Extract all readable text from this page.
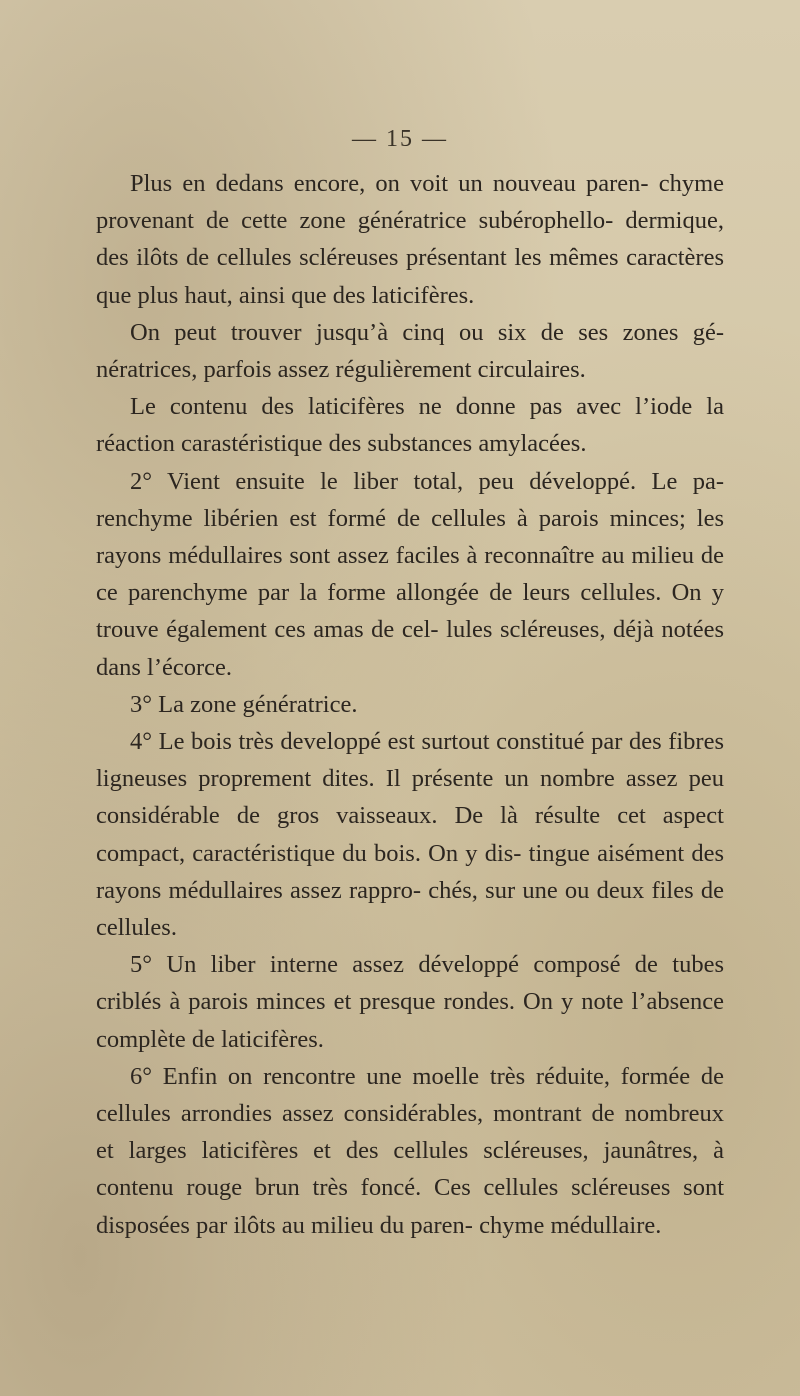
— 15 —

Plus en dedans encore, on voit un nouveau paren- chyme provenant de cette zone génératrice subérophello- dermique, des ilôts de cellules scléreuses présentant les mêmes caractères que plus haut, ainsi que des laticifères.

On peut trouver jusqu’à cinq ou six de ses zones gé- nératrices, parfois assez régulièrement circulaires.

Le contenu des laticifères ne donne pas avec l’iode la réaction carastéristique des substances amylacées.

2° Vient ensuite le liber total, peu développé. Le pa- renchyme libérien est formé de cellules à parois minces; les rayons médullaires sont assez faciles à reconnaître au milieu de ce parenchyme par la forme allongée de leurs cellules. On y trouve également ces amas de cel- lules scléreuses, déjà notées dans l’écorce.

3° La zone génératrice.

4° Le bois très developpé est surtout constitué par des fibres ligneuses proprement dites. Il présente un nombre assez peu considérable de gros vaisseaux. De là résulte cet aspect compact, caractéristique du bois. On y dis- tingue aisément des rayons médullaires assez rappro- chés, sur une ou deux files de cellules.

5° Un liber interne assez développé composé de tubes criblés à parois minces et presque rondes. On y note l’absence complète de laticifères.

6° Enfin on rencontre une moelle très réduite, formée de cellules arrondies assez considérables, montrant de nombreux et larges laticifères et des cellules scléreuses, jaunâtres, à contenu rouge brun très foncé. Ces cellules scléreuses sont disposées par ilôts au milieu du paren- chyme médullaire.
